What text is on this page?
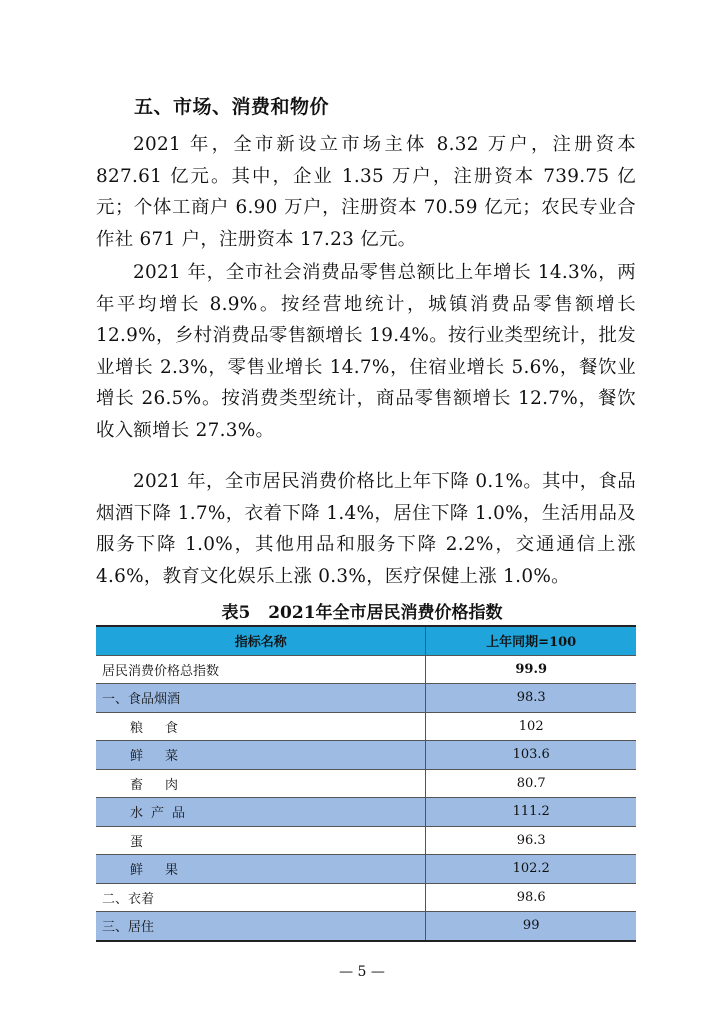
五、市场、消费和物价

2021 年，全市新设立市场主体 8.32 万户，注册资本 827.61 亿元。其中，企业 1.35 万户，注册资本 739.75 亿元；个体工商户 6.90 万户，注册资本 70.59 亿元；农民专业合作社 671 户，注册资本 17.23 亿元。

2021 年，全市社会消费品零售总额比上年增长 14.3%，两年平均增长 8.9%。按经营地统计，城镇消费品零售额增长 12.9%，乡村消费品零售额增长 19.4%。按行业类型统计，批发业增长 2.3%，零售业增长 14.7%，住宿业增长 5.6%，餐饮业增长 26.5%。按消费类型统计，商品零售额增长 12.7%，餐饮收入额增长 27.3%。

2021 年，全市居民消费价格比上年下降 0.1%。其中，食品烟酒下降 1.7%，衣着下降 1.4%，居住下降 1.0%，生活用品及服务下降 1.0%，其他用品和服务下降 2.2%，交通通信上涨 4.6%，教育文化娱乐上涨 0.3%，医疗保健上涨 1.0%。

表5 2021年全市居民消费价格指数
指标名称	上年同期=100
居民消费价格总指数	99.9
一、食品烟酒	98.3
粮食	102
鲜菜	103.6
畜肉	80.7
水产品	111.2
蛋	96.3
鲜果	102.2
二、衣着	98.6
三、居住	99
— 5 —
